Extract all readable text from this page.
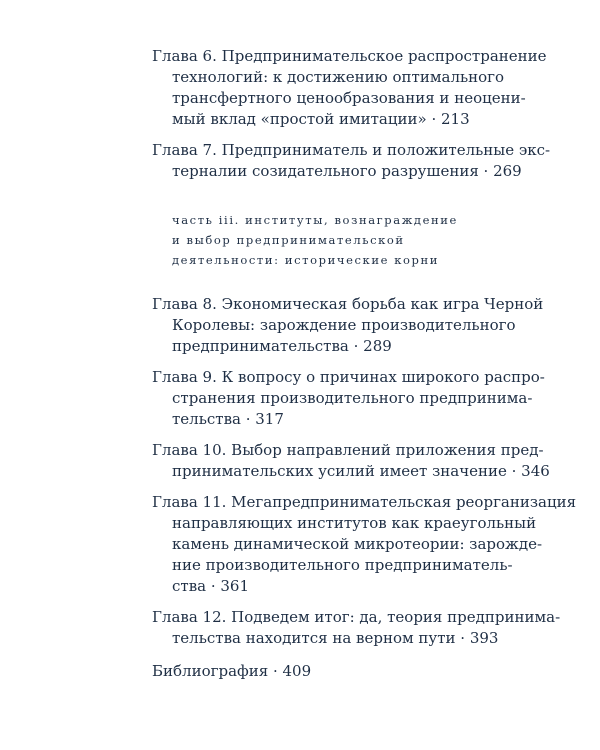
Глава 6. Предпринимательское распространение
технологий: к достижению оптимального
трансфертного ценообразования и неоцени-
мый вклад «простой имитации» · 213
Глава 7. Предприниматель и положительные экс-
терналии созидательного разрушения · 269
часть iii. институты, вознаграждение
и выбор предпринимательской
деятельности: исторические корни
Глава 8. Экономическая борьба как игра Черной
Королевы: зарождение производительного
предпринимательства · 289
Глава 9. К вопросу о причинах широкого распро-
странения производительного предпринима-
тельства · 317
Глава 10. Выбор направлений приложения пред-
принимательских усилий имеет значение · 346
Глава 11. Мегапредпринимательская реорганизация
направляющих институтов как краеугольный
камень динамической микротеории: зарожде-
ние производительного предприниматель-
ства · 361
Глава 12. Подведем итог: да, теория предпринима-
тельства находится на верном пути · 393
Библиография · 409
